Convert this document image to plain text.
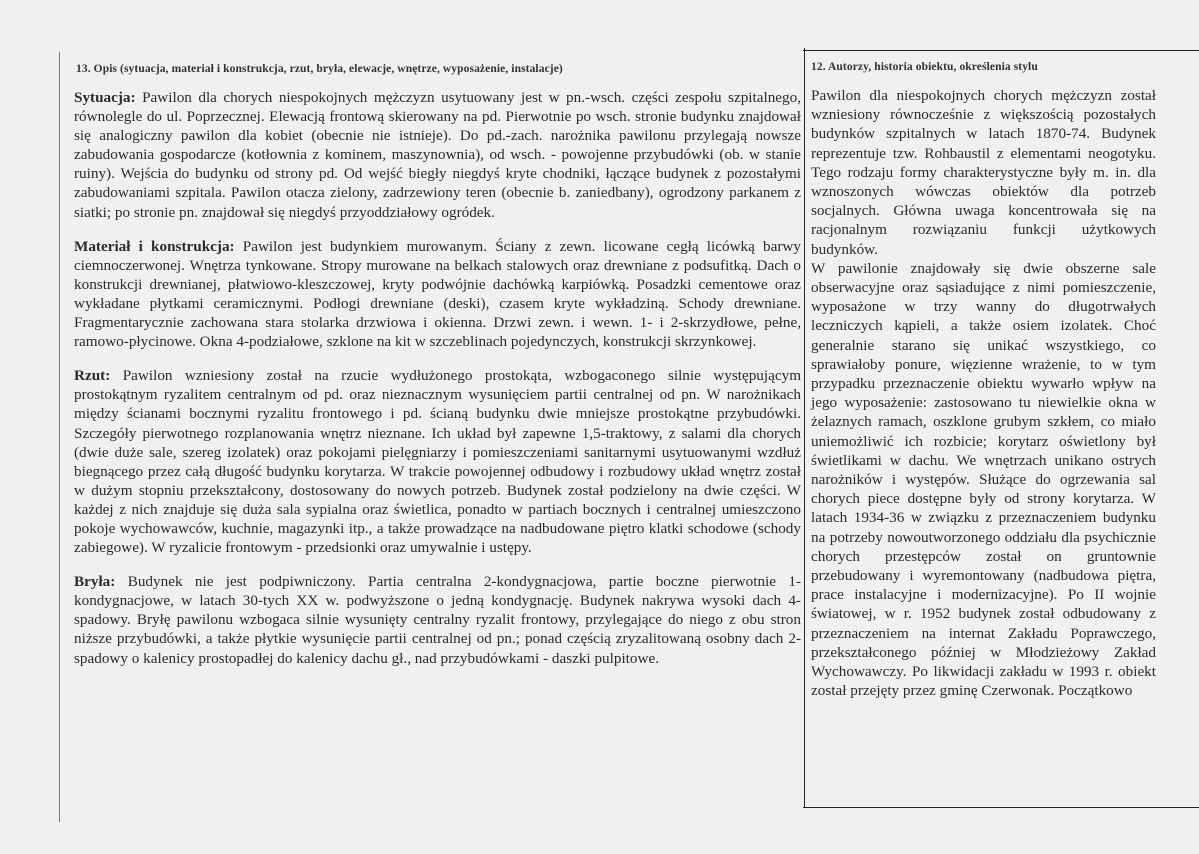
13. Opis (sytuacja, materiał i konstrukcja, rzut, bryła, elewacje, wnętrze, wyposażenie, instalacje)	12. Autorzy, historia obiektu, określenia stylu

Sytuacja: Pawilon dla chorych niespokojnych mężczyzn usytuowany jest w pn.-wsch. części zespołu szpitalnego, równolegle do ul. Poprzecznej. Elewacją frontową skierowany na pd. Pierwotnie po wsch. stronie budynku znajdował się analogiczny pawilon dla kobiet (obecnie nie istnieje). Do pd.-zach. narożnika pawilonu przylegają nowsze zabudowania gospodarcze (kotłownia z kominem, maszynownia), od wsch. - powojenne przybudówki (ob. w stanie ruiny). Wejścia do budynku od strony pd. Od wejść biegły niegdyś kryte chodniki, łączące budynek z pozostałymi zabudowaniami szpitala. Pawilon otacza zielony, zadrzewiony teren (obecnie b. zaniedbany), ogrodzony parkanem z siatki; po stronie pn. znajdował się niegdyś przyoddziałowy ogródek.

Materiał i konstrukcja: Pawilon jest budynkiem murowanym. Ściany z zewn. licowane cegłą licówką barwy ciemnoczerwonej. Wnętrza tynkowane. Stropy murowane na belkach stalowych oraz drewniane z podsufitką. Dach o konstrukcji drewnianej, płatwiowo-kleszczowej, kryty podwójnie dachówką karpiówką. Posadzki cementowe oraz wykładane płytkami ceramicznymi. Podłogi drewniane (deski), czasem kryte wykładziną. Schody drewniane. Fragmentarycznie zachowana stara stolarka drzwiowa i okienna. Drzwi zewn. i wewn. 1- i 2-skrzydłowe, pełne, ramowo-płycinowe. Okna 4-podziałowe, szklone na kit w szczeblinach pojedynczych, konstrukcji skrzynkowej.

Rzut: Pawilon wzniesiony został na rzucie wydłużonego prostokąta, wzbogaconego silnie występującym prostokątnym ryzalitem centralnym od pd. oraz nieznacznym wysunięciem partii centralnej od pn. W narożnikach między ścianami bocznymi ryzalitu frontowego i pd. ścianą budynku dwie mniejsze prostokątne przybudówki. Szczegóły pierwotnego rozplanowania wnętrz nieznane. Ich układ był zapewne 1,5-traktowy, z salami dla chorych (dwie duże sale, szereg izolatek) oraz pokojami pielęgniarzy i pomieszczeniami sanitarnymi usytuowanymi wzdłuż biegnącego przez całą długość budynku korytarza. W trakcie powojennej odbudowy i rozbudowy układ wnętrz został w dużym stopniu przekształcony, dostosowany do nowych potrzeb. Budynek został podzielony na dwie części. W każdej z nich znajduje się duża sala sypialna oraz świetlica, ponadto w partiach bocznych i centralnej umieszczono pokoje wychowawców, kuchnie, magazynki itp., a także prowadzące na nadbudowane piętro klatki schodowe (schody zabiegowe). W ryzalicie frontowym - przedsionki oraz umywalnie i ustępy.

Bryła: Budynek nie jest podpiwniczony. Partia centralna 2-kondygnacjowa, partie boczne pierwotnie 1-kondygnacjowe, w latach 30-tych XX w. podwyższone o jedną kondygnację. Budynek nakrywa wysoki dach 4-spadowy. Bryłę pawilonu wzbogaca silnie wysunięty centralny ryzalit frontowy, przylegające do niego z obu stron niższe przybudówki, a także płytkie wysunięcie partii centralnej od pn.; ponad częścią zryzalitowaną osobny dach 2-spadowy o kalenicy prostopadłej do kalenicy dachu gł., nad przybudówkami - daszki pulpitowe.

Pawilon dla niespokojnych chorych mężczyzn został wzniesiony równocześnie z większością pozostałych budynków szpitalnych w latach 1870-74. Budynek reprezentuje tzw. Rohbaustil z elementami neogotyku. Tego rodzaju formy charakterystyczne były m. in. dla wznoszonych wówczas obiektów dla potrzeb socjalnych. Główna uwaga koncentrowała się na racjonalnym rozwiązaniu funkcji użytkowych budynków.

W pawilonie znajdowały się dwie obszerne sale obserwacyjne oraz sąsiadujące z nimi pomieszczenie, wyposażone w trzy wanny do długotrwałych leczniczych kąpieli, a także osiem izolatek. Choć generalnie starano się unikać wszystkiego, co sprawiałoby ponure, więzienne wrażenie, to w tym przypadku przeznaczenie obiektu wywarło wpływ na jego wyposażenie: zastosowano tu niewielkie okna w żelaznych ramach, oszklone grubym szkłem, co miało uniemożliwić ich rozbicie; korytarz oświetlony był świetlikami w dachu. We wnętrzach unikano ostrych narożników i występów. Służące do ogrzewania sal chorych piece dostępne były od strony korytarza. W latach 1934-36 w związku z przeznaczeniem budynku na potrzeby nowoutworzonego oddziału dla psychicznie chorych przestępców został on gruntownie przebudowany i wyremontowany (nadbudowa piętra, prace instalacyjne i modernizacyjne). Po II wojnie światowej, w r. 1952 budynek został odbudowany z przeznaczeniem na internat Zakładu Poprawczego, przekształconego później w Młodzieżowy Zakład Wychowawczy. Po likwidacji zakładu w 1993 r. obiekt został przejęty przez gminę Czerwonak. Początkowo
